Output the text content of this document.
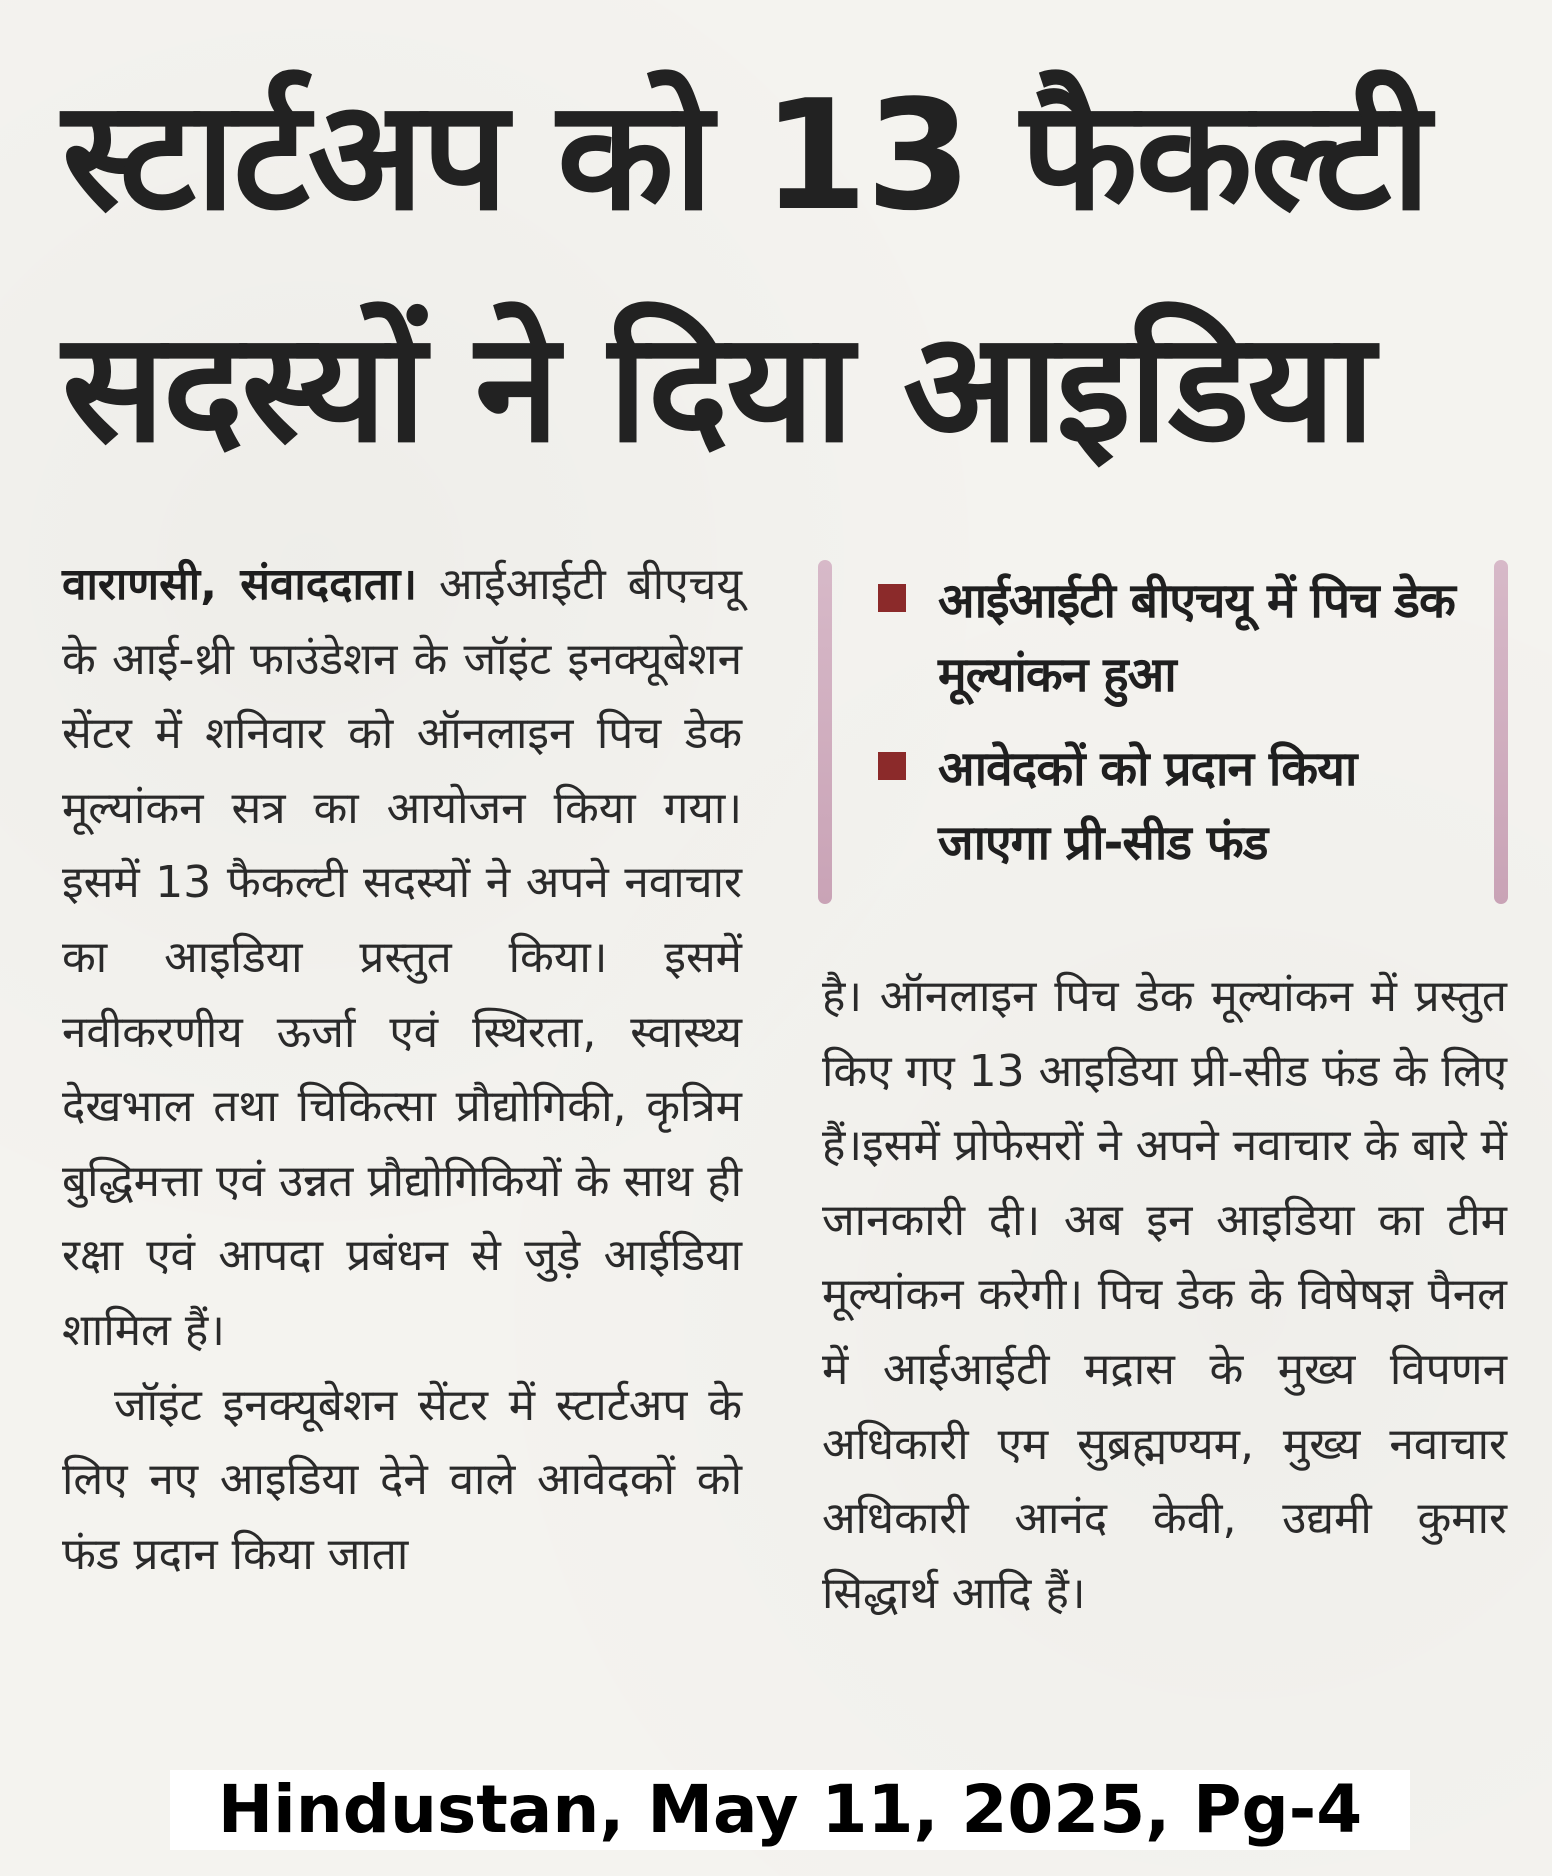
स्टार्टअप को 13 फैकल्टी
सदस्यों ने दिया आइडिया

वाराणसी, संवाददाता। आईआईटी बीएचयू के आई-थ्री फाउंडेशन के जॉइंट इनक्यूबेशन सेंटर में शनिवार को ऑनलाइन पिच डेक मूल्यांकन सत्र का आयोजन किया गया। इसमें 13 फैकल्टी सदस्यों ने अपने नवाचार का आइडिया प्रस्तुत किया। इसमें नवीकरणीय ऊर्जा एवं स्थिरता, स्वास्थ्य देखभाल तथा चिकित्सा प्रौद्योगिकी, कृत्रिम बुद्धिमत्ता एवं उन्नत प्रौद्योगिकियों के साथ ही रक्षा एवं आपदा प्रबंधन से जुड़े आईडिया शामिल हैं।

जॉइंट इनक्यूबेशन सेंटर में स्टार्टअप के लिए नए आइडिया देने वाले आवेदकों को फंड प्रदान किया जाता

आईआईटी बीएचयू में पिच डेक मूल्यांकन हुआ
आवेदकों को प्रदान किया जाएगा प्री-सीड फंड

है। ऑनलाइन पिच डेक मूल्यांकन में प्रस्तुत किए गए 13 आइडिया प्री-सीड फंड के लिए हैं।इसमें प्रोफेसरों ने अपने नवाचार के बारे में जानकारी दी। अब इन आइडिया का टीम मूल्यांकन करेगी। पिच डेक के विषेषज्ञ पैनल में आईआईटी मद्रास के मुख्य विपणन अधिकारी एम सुब्रह्मण्यम, मुख्य नवाचार अधिकारी आनंद केवी, उद्यमी कुमार सिद्धार्थ आदि हैं।

Hindustan, May 11, 2025, Pg-4
